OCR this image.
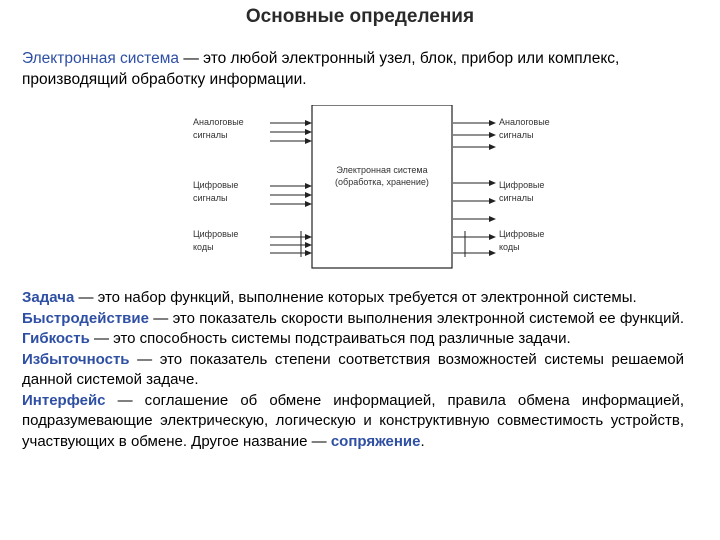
Основные определения
Электронная система — это любой электронный узел, блок, прибор или комплекс, производящий обработку информации.
Электронная система
(обработка, хранение)
Аналоговые
сигналы
Цифровые
сигналы
Цифровые
коды
Аналоговые
сигналы
Цифровые
сигналы
Цифровые
коды

Задача — это набор функций, выполнение которых требуется от электронной системы.

Быстродействие — это показатель скорости выполнения электронной системой ее функций.

Гибкость — это способность системы подстраиваться под различные задачи.

Избыточность — это показатель степени соответствия возможностей системы решаемой данной системой задаче.

Интерфейс — соглашение об обмене информацией, правила обмена информацией, подразумевающие электрическую, логическую и конструктивную совместимость устройств, участвующих в обмене. Другое название — сопряжение.
